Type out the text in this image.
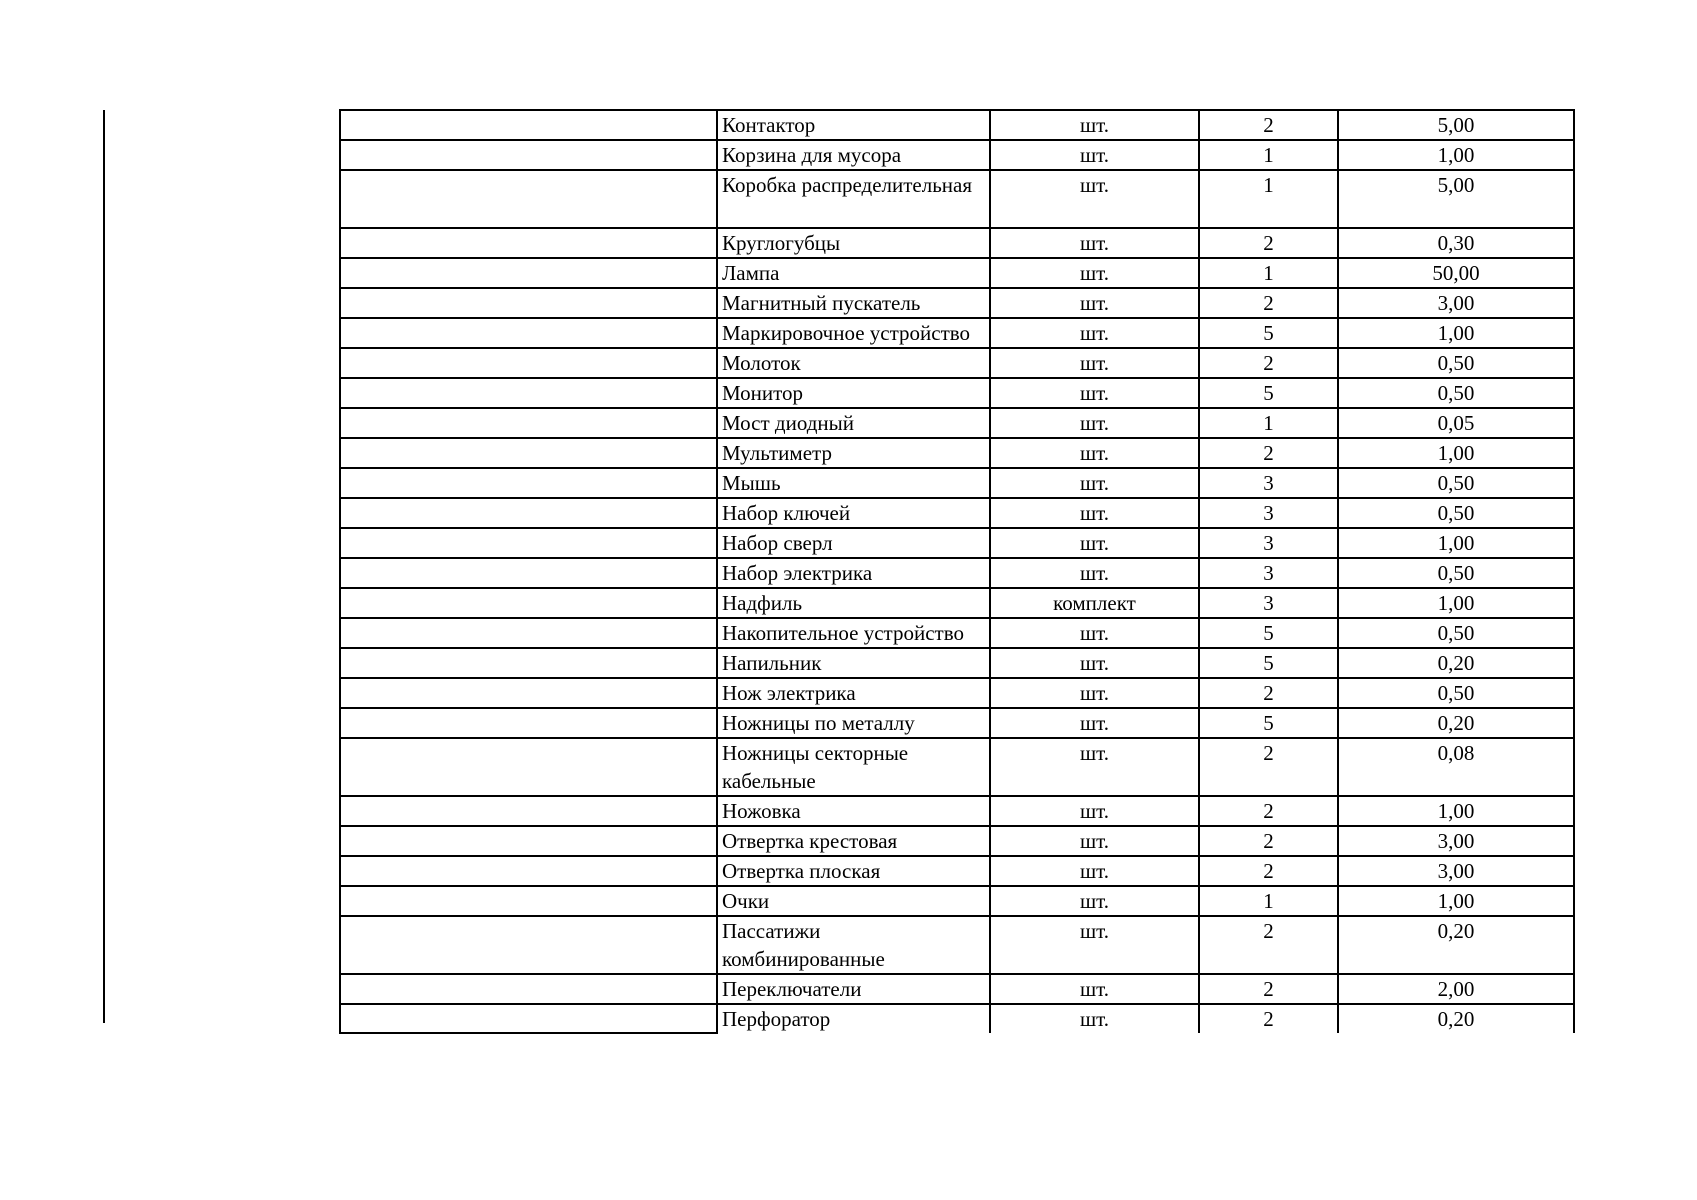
	Контактор	шт.	2	5,00
	Корзина для мусора	шт.	1	1,00
	Коробка распределительная	шт.	1	5,00
	Круглогубцы	шт.	2	0,30
	Лампа	шт.	1	50,00
	Магнитный пускатель	шт.	2	3,00
	Маркировочное устройство	шт.	5	1,00
	Молоток	шт.	2	0,50
	Монитор	шт.	5	0,50
	Мост диодный	шт.	1	0,05
	Мультиметр	шт.	2	1,00
	Мышь	шт.	3	0,50
	Набор ключей	шт.	3	0,50
	Набор сверл	шт.	3	1,00
	Набор электрика	шт.	3	0,50
	Надфиль	комплект	3	1,00
	Накопительное устройство	шт.	5	0,50
	Напильник	шт.	5	0,20
	Нож электрика	шт.	2	0,50
	Ножницы по металлу	шт.	5	0,20
	Ножницы секторные кабельные	шт.	2	0,08
	Ножовка	шт.	2	1,00
	Отвертка крестовая	шт.	2	3,00
	Отвертка плоская	шт.	2	3,00
	Очки	шт.	1	1,00
	Пассатижи комбинированные	шт.	2	0,20
	Переключатели	шт.	2	2,00
	Перфоратор	шт.	2	0,20
